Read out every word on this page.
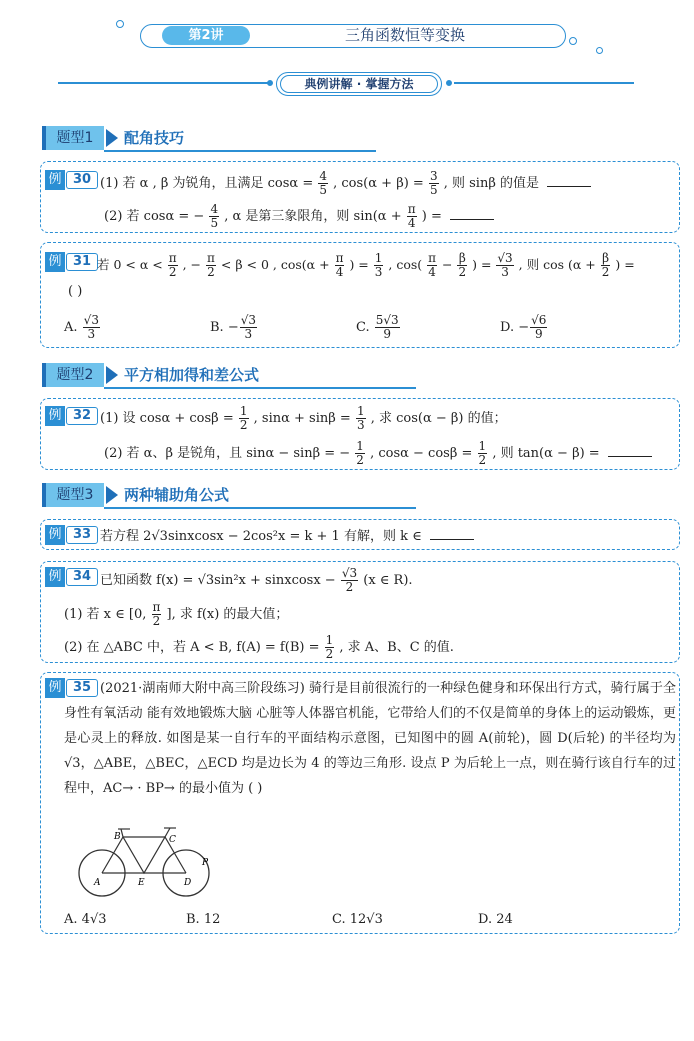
第2讲	三角函数恒等变换
典例讲解 · 掌握方法
题型1	配角技巧
例 30 (1) 若 α , β 为锐角，且满足 $\cos\alpha = \frac{4}{5}$ , $\cos(\alpha + \beta) = \frac{3}{5}$ , 则 sinβ 的值是
(2) 若 cosα = − $\frac{4}{5}$ , α 是第三象限角，则 $\sin(\alpha + \frac{\pi}{4}$ ) =
例 31 若 $0 < \alpha < \frac{\pi}{2}$ , − $\frac{\pi}{2} < \beta < 0$ , $\cos(\alpha + \frac{\pi}{4}$ ) = $\frac{1}{3}$ , $\cos( \frac{\pi}{4} - \frac{\beta}{2}$ ) = $\frac{√3}{3}$ , 则 $\cos (\alpha + \frac{\beta}{2}$ ) =
( )
A. $\frac{√3}{3}$	B. − $\frac{√3}{3}$	C. $\frac{5√3}{9}$	D. − $\frac{√6}{9}$
题型2	平方相加得和差公式
例 32 (1) 设 $\cos\alpha + \cos\beta = \frac{1}{2}$ , $\sin\alpha + \sin\beta = \frac{1}{3}$ , 求 cos(α − β) 的值；
(2) 若 α、β 是锐角，且 sinα − sinβ = − $\frac{1}{2}$ , $\cos\alpha - \cos\beta = \frac{1}{2}$ , 则 tan(α − β) =
题型3	两种辅助角公式
例 33 若方程 2√3sinxcosx − 2cos²x = k + 1 有解，则 k ∈
例 34 已知函数 f(x) = √3sin²x + sinxcosx − $\frac{√3}{2} (x$ ∈ R).
(1) 若 x ∈ [0, $\frac{\pi}{2}$ ], 求 f(x) 的最大值；
(2) 在 △ABC 中，若 A < B, $f(A) = f(B) = \frac{1}{2}$ , 求 A、B、C 的值.
例 35 (2021·湖南师大附中高三阶段练习) 骑行是目前很流行的一种绿色健身和环保出行方式，骑行属于全身性有氧活动 能有效地锻炼大脑 心脏等人体器官机能，它带给人们的不仅是简单的身体上的运动锻炼，更是心灵上的释放. 如图是某一自行车的平面结构示意图，已知图中的圆 A(前轮)，圆 D(后轮) 的半径均为 √3，△ABE，△BEC，△ECD 均是边长为 4 的等边三角形. 设点 P 为后轮上一点，则在骑行该自行车的过程中，AC→ · BP→ 的最小值为 ( )
B	C
A	E	D
P
A. 4√3	B. 12	C. 12√3	D. 24
